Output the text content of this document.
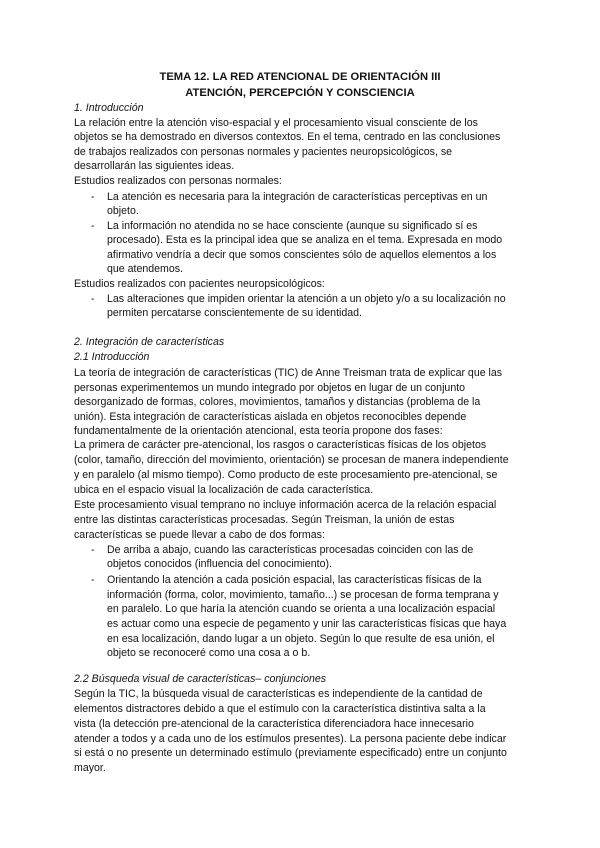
TEMA 12. LA RED ATENCIONAL DE ORIENTACIÓN III
ATENCIÓN, PERCEPCIÓN Y CONSCIENCIA
1. Introducción
La relación entre la atención viso-espacial y el procesamiento visual consciente de los
objetos se ha demostrado en diversos contextos. En el tema, centrado en las conclusiones
de trabajos realizados con personas normales y pacientes neuropsicológicos, se
desarrollarán las siguientes ideas.
Estudios realizados con personas normales:
- La atención es necesaria para la integración de características perceptivas en un
objeto.
- La información no atendida no se hace consciente (aunque su significado sí es
procesado). Esta es la principal idea que se analiza en el tema. Expresada en modo
afirmativo vendría a decir que somos conscientes sólo de aquellos elementos a los
que atendemos.
Estudios realizados con pacientes neuropsicológicos:
- Las alteraciones que impiden orientar la atención a un objeto y/o a su localización no
permiten percatarse conscientemente de su identidad.
2. Integración de características
2.1 Introducción
La teoría de integración de características (TIC) de Anne Treisman trata de explicar que las
personas experimentemos un mundo integrado por objetos en lugar de un conjunto
desorganizado de formas, colores, movimientos, tamaños y distancias (problema de la
unión). Esta integración de características aislada en objetos reconocibles depende
fundamentalmente de la orientación atencional, esta teoría propone dos fases:
La primera de carácter pre-atencional, los rasgos o características físicas de los objetos
(color, tamaño, dirección del movimiento, orientación) se procesan de manera independiente
y en paralelo (al mismo tiempo). Como producto de este procesamiento pre-atencional, se
ubica en el espacio visual la localización de cada característica.
Este procesamiento visual temprano no incluye información acerca de la relación espacial
entre las distintas características procesadas. Según Treisman, la unión de estas
características se puede llevar a cabo de dos formas:
- De arriba a abajo, cuando las características procesadas coinciden con las de
objetos conocidos (influencia del conocimiento).
- Orientando la atención a cada posición espacial, las características físicas de la
información (forma, color, movimiento, tamaño...) se procesan de forma temprana y
en paralelo. Lo que haría la atención cuando se orienta a una localización espacial
es actuar como una especie de pegamento y unir las características físicas que haya
en esa localización, dando lugar a un objeto. Según lo que resulte de esa unión, el
objeto se reconoceré como una cosa a o b.
2.2 Búsqueda visual de características– conjunciones
Según la TIC, la búsqueda visual de características es independiente de la cantidad de
elementos distractores debido a que el estímulo con la característica distintiva salta a la
vista (la detección pre-atencional de la característica diferenciadora hace innecesario
atender a todos y a cada uno de los estímulos presentes). La persona paciente debe indicar
si está o no presente un determinado estímulo (previamente especificado) entre un conjunto
mayor.
